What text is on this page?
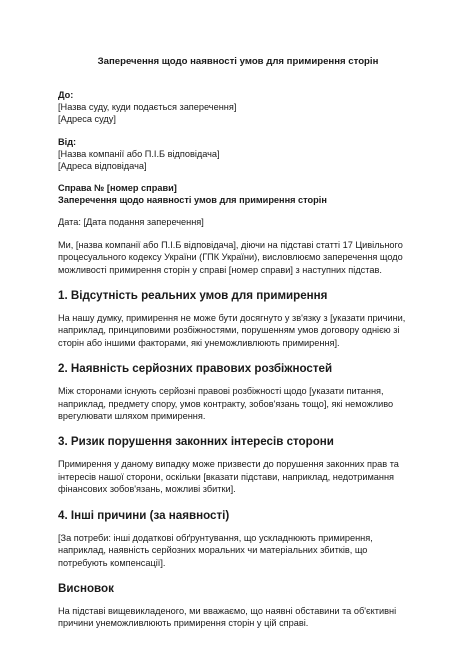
Заперечення щодо наявності умов для примирення сторін
До:
[Назва суду, куди подається заперечення]
[Адреса суду]
Від:
[Назва компанії або П.І.Б відповідача]
[Адреса відповідача]
Справа № [номер справи]
Заперечення щодо наявності умов для примирення сторін
Дата: [Дата подання заперечення]

Ми, [назва компанії або П.І.Б відповідача], діючи на підставі статті 17 Цивільного процесуального кодексу України (ГПК України), висловлюємо заперечення щодо можливості примирення сторін у справі [номер справи] з наступних підстав.

1. Відсутність реальних умов для примирення

На нашу думку, примирення не може бути досягнуто у зв'язку з [указати причини, наприклад, принциповими розбіжностями, порушенням умов договору однією зі сторін або іншими факторами, які унеможливлюють примирення].

2. Наявність серйозних правових розбіжностей

Між сторонами існують серйозні правові розбіжності щодо [указати питання, наприклад, предмету спору, умов контракту, зобов'язань тощо], які неможливо врегулювати шляхом примирення.

3. Ризик порушення законних інтересів сторони

Примирення у даному випадку може призвести до порушення законних прав та інтересів нашої сторони, оскільки [вказати підстави, наприклад, недотримання фінансових зобов'язань, можливі збитки].

4. Інші причини (за наявності)

[За потреби: інші додаткові обґрунтування, що ускладнюють примирення, наприклад, наявність серйозних моральних чи матеріальних збитків, що потребують компенсації].

Висновок

На підставі вищевикладеного, ми вважаємо, що наявні обставини та об'єктивні причини унеможливлюють примирення сторін у цій справі.
